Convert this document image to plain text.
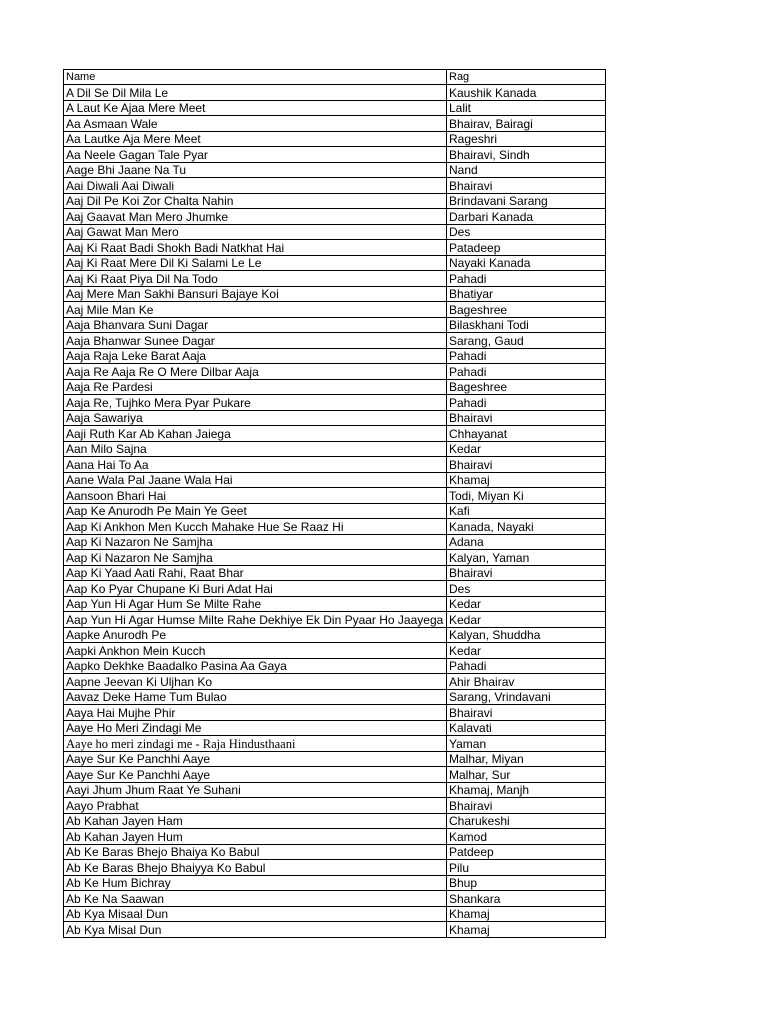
Name	Rag
A Dil Se Dil Mila Le	Kaushik Kanada
A Laut Ke Ajaa Mere Meet	Lalit
Aa Asmaan Wale	Bhairav, Bairagi
Aa Lautke Aja Mere Meet	Rageshri
Aa Neele Gagan Tale Pyar	Bhairavi, Sindh
Aage Bhi Jaane Na Tu	Nand
Aai Diwali Aai Diwali	Bhairavi
Aaj Dil Pe Koi Zor Chalta Nahin	Brindavani Sarang
Aaj Gaavat Man Mero Jhumke	Darbari Kanada
Aaj Gawat Man Mero	Des
Aaj Ki Raat Badi Shokh Badi Natkhat Hai	Patadeep
Aaj Ki Raat Mere Dil Ki Salami Le Le	Nayaki Kanada
Aaj Ki Raat Piya Dil Na Todo	Pahadi
Aaj Mere Man Sakhi Bansuri Bajaye Koi	Bhatiyar
Aaj Mile Man Ke	Bageshree
Aaja Bhanvara Suni Dagar	Bilaskhani Todi
Aaja Bhanwar Sunee Dagar	Sarang, Gaud
Aaja Raja Leke Barat Aaja	Pahadi
Aaja Re Aaja Re O Mere Dilbar Aaja	Pahadi
Aaja Re Pardesi	Bageshree
Aaja Re, Tujhko Mera Pyar Pukare	Pahadi
Aaja Sawariya	Bhairavi
Aaji Ruth Kar Ab Kahan Jaiega	Chhayanat
Aan Milo Sajna	Kedar
Aana Hai To Aa	Bhairavi
Aane Wala Pal Jaane Wala Hai	Khamaj
Aansoon Bhari Hai	Todi, Miyan Ki
Aap Ke Anurodh Pe Main Ye Geet	Kafi
Aap Ki Ankhon Men Kucch Mahake Hue Se Raaz Hi	Kanada, Nayaki
Aap Ki Nazaron Ne Samjha	Adana
Aap Ki Nazaron Ne Samjha	Kalyan, Yaman
Aap Ki Yaad Aati Rahi, Raat Bhar	Bhairavi
Aap Ko Pyar Chupane Ki Buri Adat Hai	Des
Aap Yun Hi Agar Hum Se Milte Rahe	Kedar
Aap Yun Hi Agar Humse Milte Rahe Dekhiye Ek Din Pyaar Ho Jaayega	Kedar
Aapke Anurodh Pe	Kalyan, Shuddha
Aapki Ankhon Mein Kucch	Kedar
Aapko Dekhke Baadalko Pasina Aa Gaya	Pahadi
Aapne Jeevan Ki Uljhan Ko	Ahir Bhairav
Aavaz Deke Hame Tum Bulao	Sarang, Vrindavani
Aaya Hai Mujhe Phir	Bhairavi
Aaye Ho Meri Zindagi Me	Kalavati
Aaye ho meri zindagi me - Raja Hindusthaani	Yaman
Aaye Sur Ke Panchhi Aaye	Malhar, Miyan
Aaye Sur Ke Panchhi Aaye	Malhar, Sur
Aayi Jhum Jhum Raat Ye Suhani	Khamaj, Manjh
Aayo Prabhat	Bhairavi
Ab Kahan Jayen Ham	Charukeshi
Ab Kahan Jayen Hum	Kamod
Ab Ke Baras Bhejo Bhaiya Ko Babul	Patdeep
Ab Ke Baras Bhejo Bhaiyya Ko Babul	Pilu
Ab Ke Hum Bichray	Bhup
Ab Ke Na Saawan	Shankara
Ab Kya Misaal Dun	Khamaj
Ab Kya Misal Dun	Khamaj
